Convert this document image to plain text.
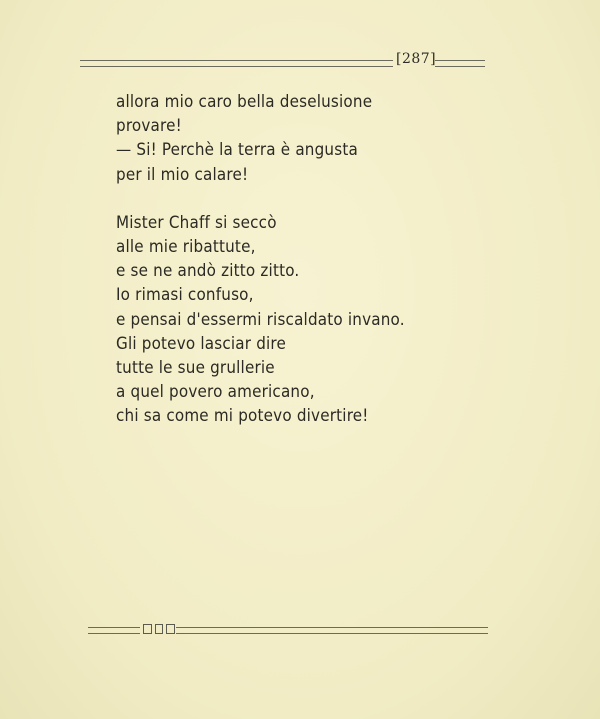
[287]
allora mio caro bella deselusione
provare!
— Si! Perchè la terra è angusta
per il mio calare!
Mister Chaff si seccò
alle mie ribattute,
e se ne andò zitto zitto.
Io rimasi confuso,
e pensai d'essermi riscaldato invano.
Gli potevo lasciar dire
tutte le sue grullerie
a quel povero americano,
chi sa come mi potevo divertire!
